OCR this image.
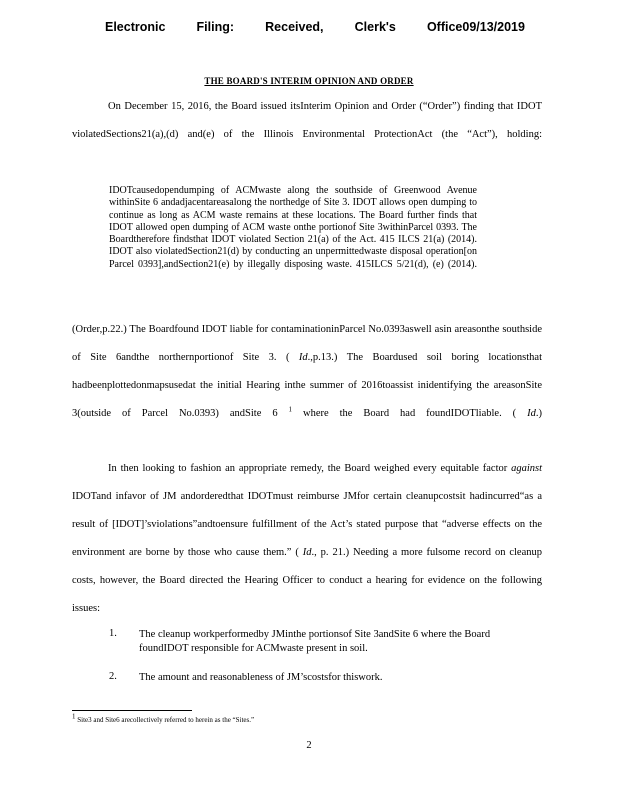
Electronic Filing: Received, Clerk's Office09/13/2019
THE BOARD'S INTERIM OPINION AND ORDER
On December 15, 2016, the Board issued itsInterim Opinion and Order (“Order”) finding that IDOT violatedSections21(a),(d) and(e) of the Illinois Environmental ProtectionAct (the “Act”), holding:
IDOTcausedopendumping of ACMwaste along the southside of Greenwood Avenue withinSite 6 andadjacentareasalong the northedge of Site 3. IDOT allows open dumping to continue as long as ACM waste remains at these locations. The Board further finds that IDOT allowed open dumping of ACM waste onthe portionof Site 3withinParcel 0393. The Boardtherefore findsthat IDOT violated Section 21(a) of the Act. 415 ILCS 21(a) (2014). IDOT also violatedSection21(d) by conducting an unpermittedwaste disposal operation[on Parcel 0393],andSection21(e) by illegally disposing waste. 415ILCS 5/21(d), (e) (2014).
(Order,p.22.) The Boardfound IDOT liable for contaminationinParcel No.0393aswell asin areasonthe southside of Site 6andthe northernportionof Site 3. ( Id.,p.13.) The Boardused soil boring locationsthat hadbeenplottedonmapsusedat the initial Hearing inthe summer of 2016toassist inidentifying the areasonSite 3(outside of Parcel No.0393) andSite 6 $^1$ where the Board had foundIDOTliable. ( Id.)
In then looking to fashion an appropriate remedy, the Board weighed every equitable factor against IDOTand infavor of JM andorderedthat IDOTmust reimburse JMfor certain cleanupcostsit hadincurred“as a result of [IDOT]’sviolations”andtoensure fulfillment of the Act’s stated purpose that “adverse effects on the environment are borne by those who cause them.” ( Id., p. 21.) Needing a more fulsome record on cleanup costs, however, the Board directed the Hearing Officer to conduct a hearing for evidence on the following issues:
1.	The cleanup workperformedby JMinthe portionsof Site 3andSite 6 where the Board foundIDOT responsible for ACMwaste present in soil.
2.	The amount and reasonableness of JM’scostsfor thiswork.
$^1$ Site3 and Site6 arecollectively referred to herein as the “Sites.”
2
